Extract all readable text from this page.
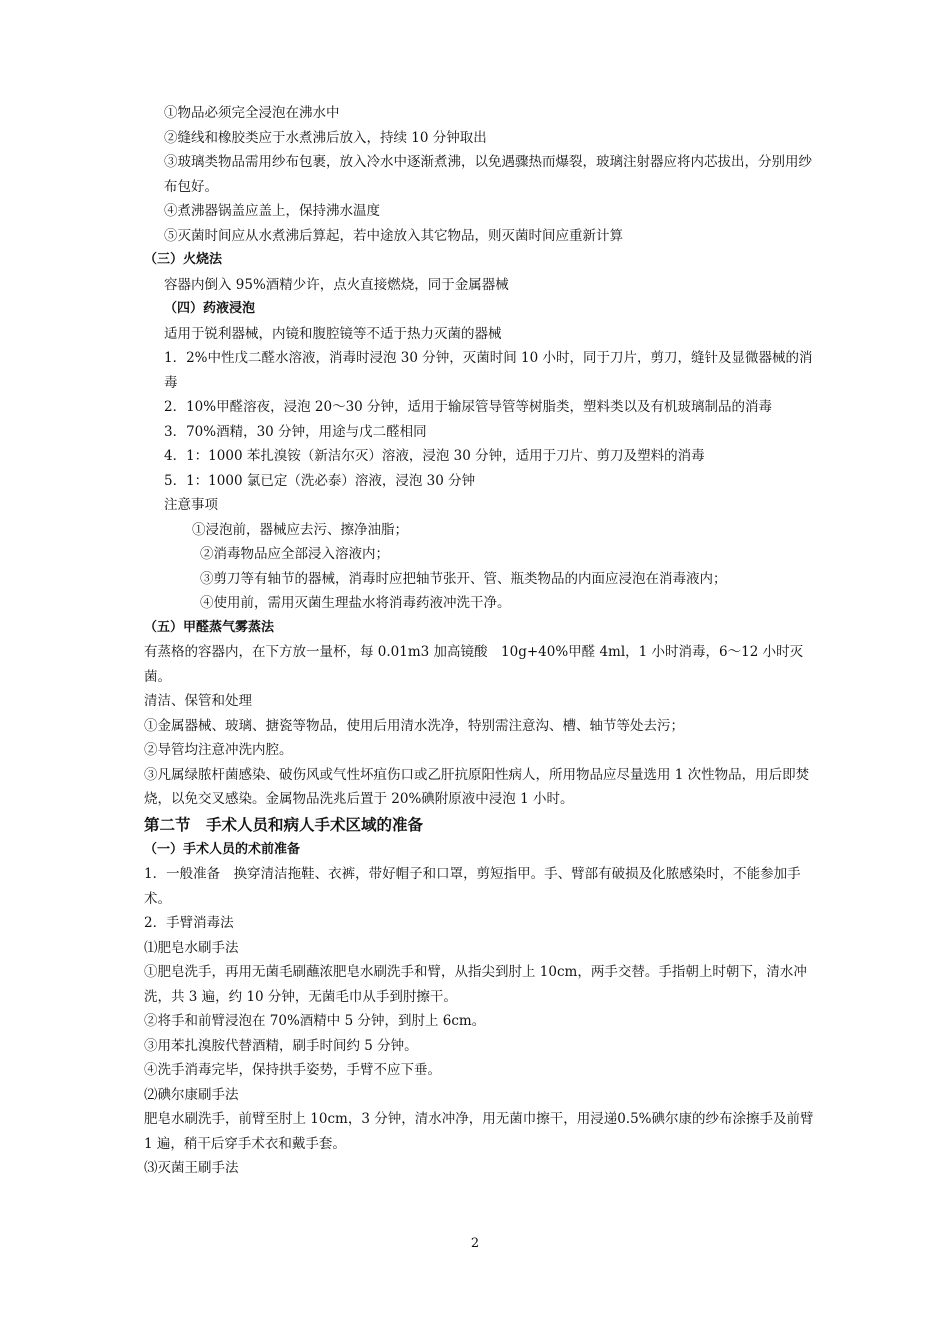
①物品必须完全浸泡在沸水中

②缝线和橡胶类应于水煮沸后放入，持续 10 分钟取出

③玻璃类物品需用纱布包裹，放入冷水中逐渐煮沸，以免遇骤热而爆裂，玻璃注射器应将内芯拔出，分别用纱布包好。

④煮沸器锅盖应盖上，保持沸水温度

⑤灭菌时间应从水煮沸后算起，若中途放入其它物品，则灭菌时间应重新计算

（三）火烧法

容器内倒入 95%酒精少许，点火直接燃烧，同于金属器械

（四）药液浸泡

适用于锐利器械，内镜和腹腔镜等不适于热力灭菌的器械

1．2%中性戊二醛水溶液，消毒时浸泡 30 分钟，灭菌时间 10 小时，同于刀片，剪刀，缝针及显微器械的消毒

2．10%甲醛溶夜，浸泡 20～30 分钟，适用于输尿管导管等树脂类，塑料类以及有机玻璃制品的消毒

3．70%酒精，30 分钟，用途与戊二醛相同

4．1：1000 苯扎溴铵（新洁尔灭）溶液，浸泡 30 分钟，适用于刀片、剪刀及塑料的消毒

5．1：1000 氯已定（洗必泰）溶液，浸泡 30 分钟

注意事项

①浸泡前，器械应去污、擦净油脂；

②消毒物品应全部浸入溶液内；

③剪刀等有轴节的器械，消毒时应把轴节张开、管、瓶类物品的内面应浸泡在消毒液内；

④使用前，需用灭菌生理盐水将消毒药液冲洗干净。

（五）甲醛蒸气雾蒸法

有蒸格的容器内，在下方放一量杯，每 0.01m3 加高镜酸　10g+40%甲醛 4ml，1 小时消毒，6～12 小时灭菌。

清洁、保管和处理

①金属器械、玻璃、搪瓷等物品，使用后用清水洗净，特别需注意沟、槽、轴节等处去污；

②导管均注意冲洗内腔。

③凡属绿脓杆菌感染、破伤风或气性坏疽伤口或乙肝抗原阳性病人，所用物品应尽量选用 1 次性物品，用后即焚烧，以免交叉感染。金属物品洗兆后置于 20%碘附原液中浸泡 1 小时。

第二节　手术人员和病人手术区域的准备

（一）手术人员的术前准备

1．一般准备　换穿清洁拖鞋、衣裤，带好帽子和口罩，剪短指甲。手、臂部有破损及化脓感染时，不能参加手术。

2．手臂消毒法

⑴肥皂水刷手法

①肥皂洗手，再用无菌毛刷蘸浓肥皂水刷洗手和臂，从指尖到肘上 10cm，两手交替。手指朝上时朝下，清水冲洗，共 3 遍，约 10 分钟，无菌毛巾从手到肘擦干。

②将手和前臂浸泡在 70%酒精中 5 分钟，到肘上 6cm。

③用苯扎溴胺代替酒精，刷手时间约 5 分钟。

④洗手消毒完毕，保持拱手姿势，手臂不应下垂。

⑵碘尔康刷手法

肥皂水刷洗手，前臂至肘上 10cm，3 分钟，清水冲净，用无菌巾擦干，用浸递0.5%碘尔康的纱布涂擦手及前臂 1 遍，稍干后穿手术衣和戴手套。

⑶灭菌王刷手法

2
